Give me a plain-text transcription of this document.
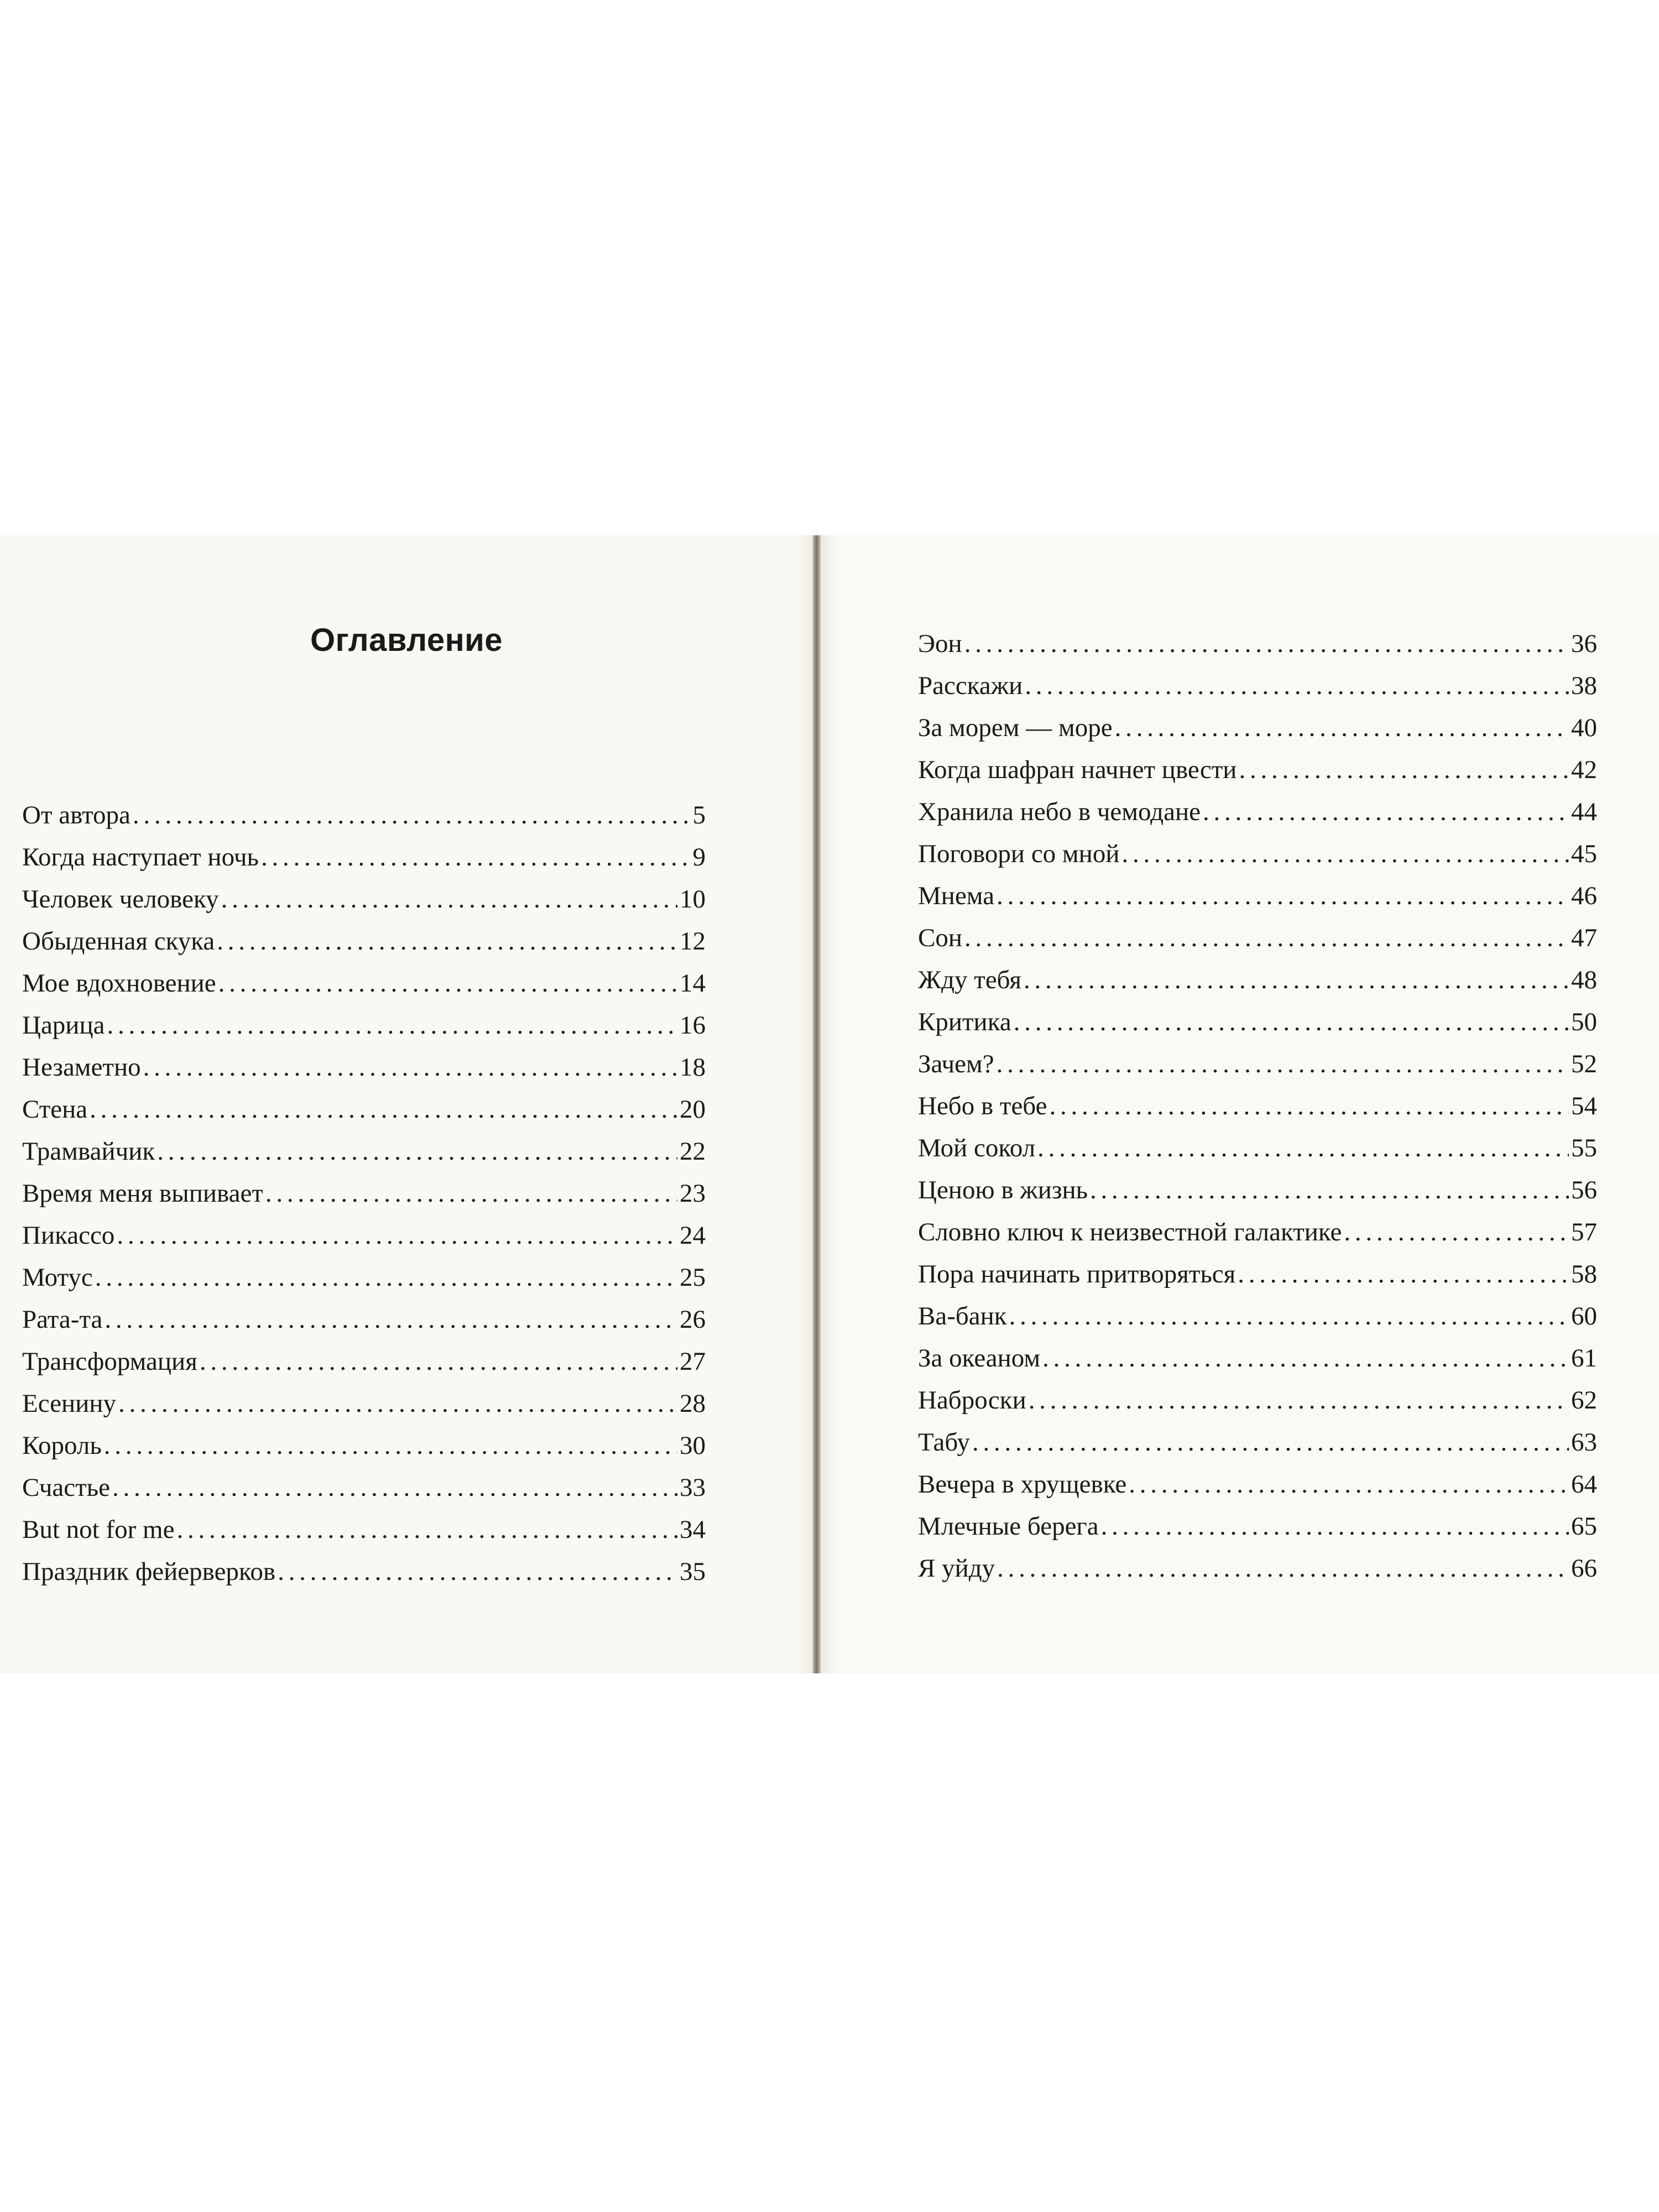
Оглавление
От автора . . .	5
Когда наступает ночь . . .	9
Человек человеку . . .	10
Обыденная скука . . .	12
Мое вдохновение . . .	14
Царица . . .	16
Незаметно . . .	18
Стена . . .	20
Трамвайчик . . .	22
Время меня выпивает . . .	23
Пикассо . . .	24
Мотус . . .	25
Рата-та . . .	26
Трансформация . . .	27
Есенину . . .	28
Король . . .	30
Счастье . . .	33
But not for me . . .	34
Праздник фейерверков . . .	35
Эон . . .	36
Расскажи . . .	38
За морем — море . . .	40
Когда шафран начнет цвести . . .	42
Хранила небо в чемодане . . .	44
Поговори со мной . . .	45
Мнема . . .	46
Сон . . .	47
Жду тебя . . .	48
Критика . . .	50
Зачем? . . .	52
Небо в тебе . . .	54
Мой сокол . . .	55
Ценою в жизнь . . .	56
Словно ключ к неизвестной галактике . . .	57
Пора начинать притворяться . . .	58
Ва-банк . . .	60
За океаном . . .	61
Наброски . . .	62
Табу . . .	63
Вечера в хрущевке . . .	64
Млечные берега . . .	65
Я уйду . . .	66
